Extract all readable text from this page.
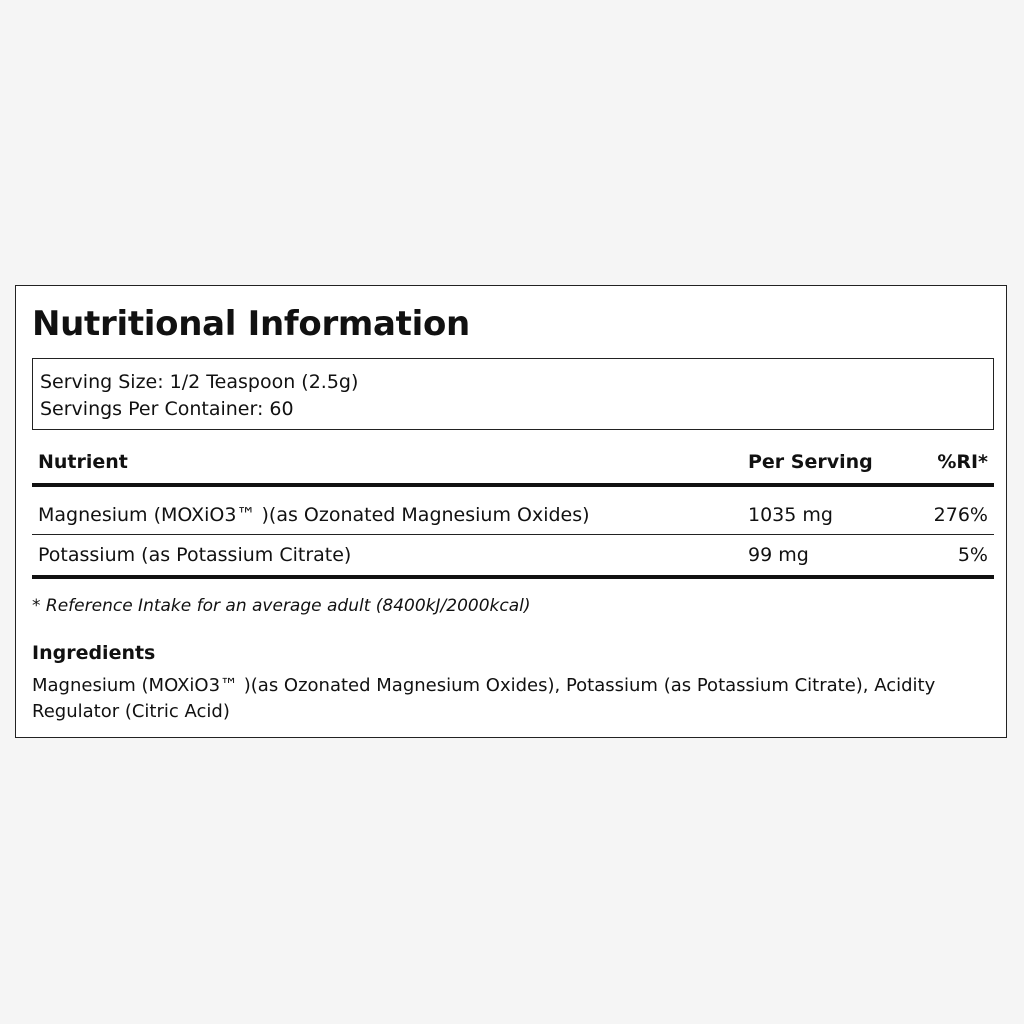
Nutritional Information
Serving Size: 1/2 Teaspoon (2.5g)
Servings Per Container: 60
Nutrient	Per Serving	%RI*
Magnesium (MOXiO3™ )(as Ozonated Magnesium Oxides)	1035 mg	276%
Potassium (as Potassium Citrate)	99 mg	5%
* Reference Intake for an average adult (8400kJ/2000kcal)
Ingredients
Magnesium (MOXiO3™ )(as Ozonated Magnesium Oxides), Potassium (as Potassium Citrate), Acidity Regulator (Citric Acid)
